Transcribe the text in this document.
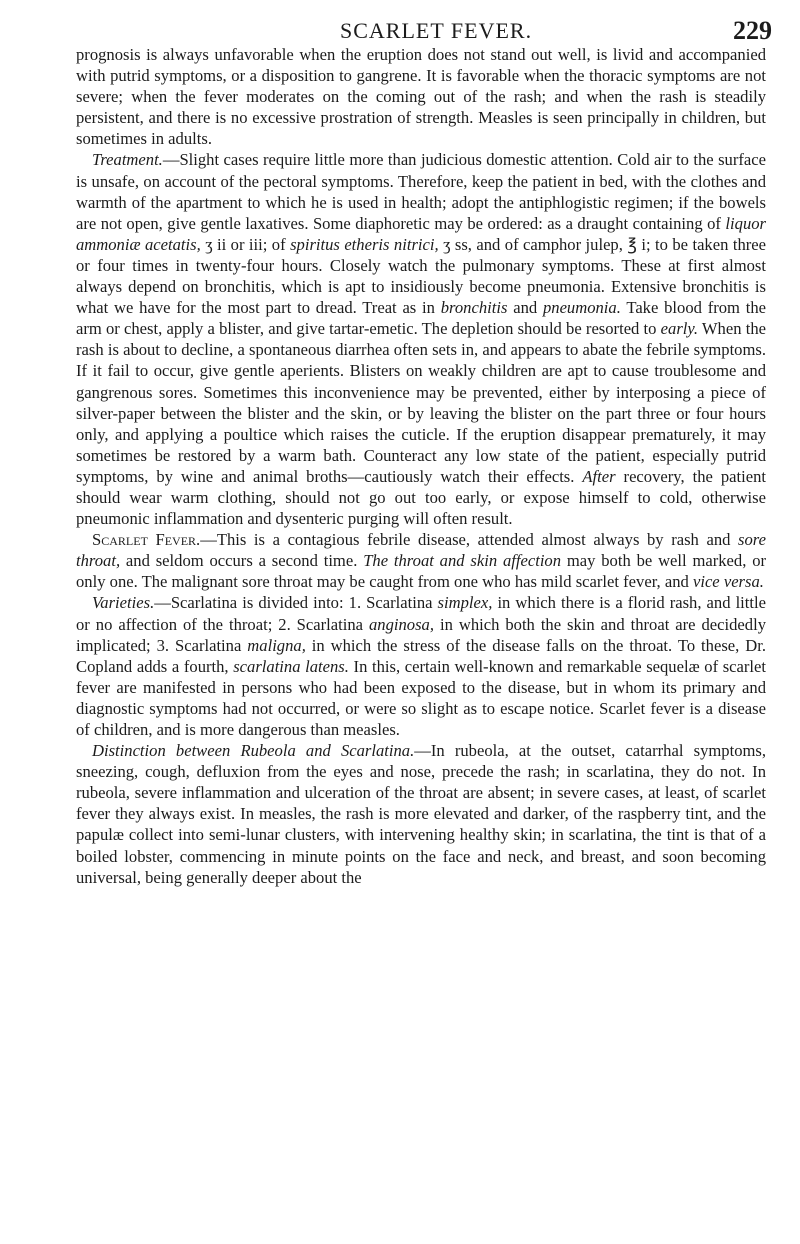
SCARLET FEVER.	229

prognosis is always unfavorable when the eruption does not stand out well, is livid and accompanied with putrid symptoms, or a disposition to gangrene. It is favorable when the thoracic symptoms are not severe; when the fever moderates on the coming out of the rash; and when the rash is steadily persistent, and there is no excessive prostration of strength. Measles is seen principally in children, but sometimes in adults.

Treatment.—Slight cases require little more than judicious domestic attention. Cold air to the surface is unsafe, on account of the pectoral symptoms. Therefore, keep the patient in bed, with the clothes and warmth of the apartment to which he is used in health; adopt the antiphlogistic regimen; if the bowels are not open, give gentle laxatives. Some diaphoretic may be ordered: as a draught containing of liquor ammoniæ acetatis, ʒ ii or iii; of spiritus etheris nitrici, ʒ ss, and of camphor julep, ℥ i; to be taken three or four times in twenty-four hours. Closely watch the pulmonary symptoms. These at first almost always depend on bronchitis, which is apt to insidiously become pneumonia. Extensive bronchitis is what we have for the most part to dread. Treat as in bronchitis and pneumonia. Take blood from the arm or chest, apply a blister, and give tartar-emetic. The depletion should be resorted to early. When the rash is about to decline, a spontaneous diarrhea often sets in, and appears to abate the febrile symptoms. If it fail to occur, give gentle aperients. Blisters on weakly children are apt to cause troublesome and gangrenous sores. Sometimes this inconvenience may be prevented, either by interposing a piece of silver-paper between the blister and the skin, or by leaving the blister on the part three or four hours only, and applying a poultice which raises the cuticle. If the eruption disappear prematurely, it may sometimes be restored by a warm bath. Counteract any low state of the patient, especially putrid symptoms, by wine and animal broths—cautiously watch their effects. After recovery, the patient should wear warm clothing, should not go out too early, or expose himself to cold, otherwise pneumonic inflammation and dysenteric purging will often result.

Scarlet Fever.—This is a contagious febrile disease, attended almost always by rash and sore throat, and seldom occurs a second time. The throat and skin affection may both be well marked, or only one. The malignant sore throat may be caught from one who has mild scarlet fever, and vice versa.

Varieties.—Scarlatina is divided into: 1. Scarlatina simplex, in which there is a florid rash, and little or no affection of the throat; 2. Scarlatina anginosa, in which both the skin and throat are decidedly implicated; 3. Scarlatina maligna, in which the stress of the disease falls on the throat. To these, Dr. Copland adds a fourth, scarlatina latens. In this, certain well-known and remarkable sequelæ of scarlet fever are manifested in persons who had been exposed to the disease, but in whom its primary and diagnostic symptoms had not occurred, or were so slight as to escape notice. Scarlet fever is a disease of children, and is more dangerous than measles.

Distinction between Rubeola and Scarlatina.—In rubeola, at the outset, catarrhal symptoms, sneezing, cough, defluxion from the eyes and nose, precede the rash; in scarlatina, they do not. In rubeola, severe inflammation and ulceration of the throat are absent; in severe cases, at least, of scarlet fever they always exist. In measles, the rash is more elevated and darker, of the raspberry tint, and the papulæ collect into semi-lunar clusters, with intervening healthy skin; in scarlatina, the tint is that of a boiled lobster, commencing in minute points on the face and neck, and breast, and soon becoming universal, being generally deeper about the
